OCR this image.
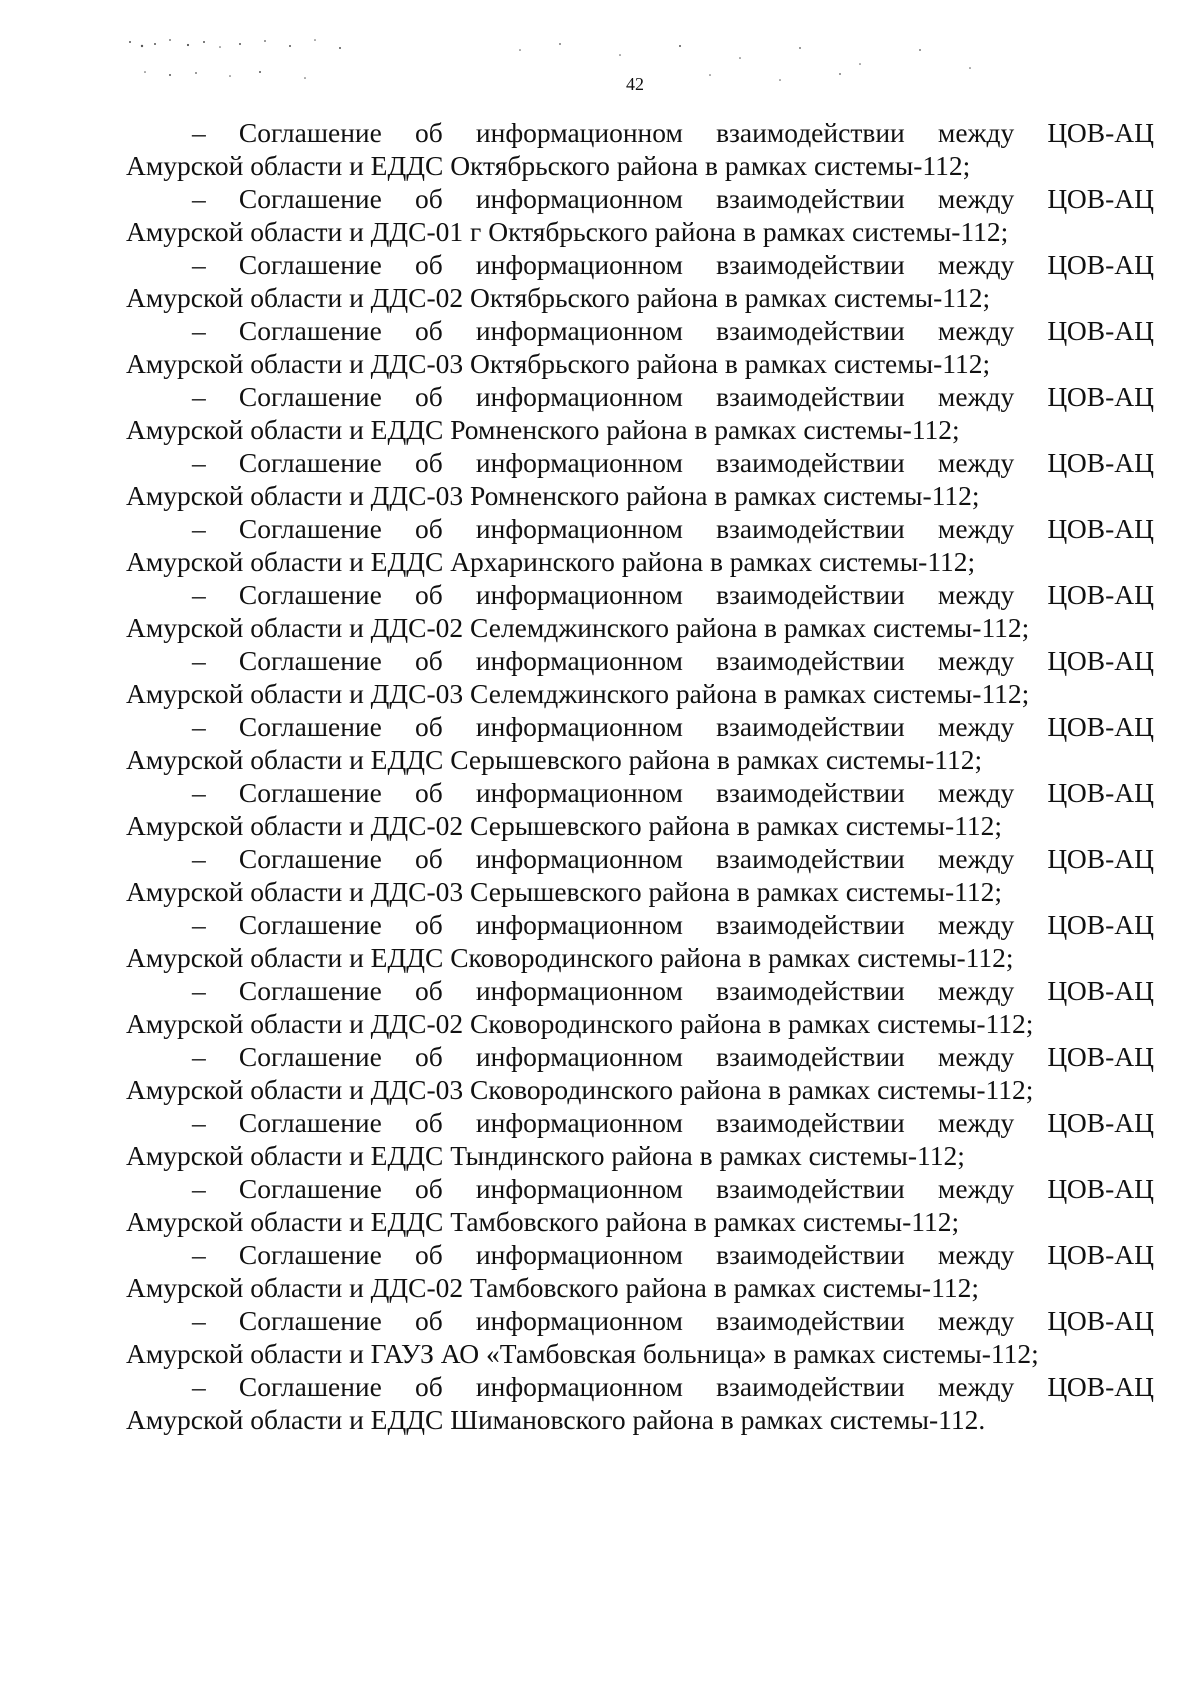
42
– Соглашение об информационном взаимодействии между ЦОВ-АЦ
Амурской области и ЕДДС Октябрьского района в рамках системы-112;
– Соглашение об информационном взаимодействии между ЦОВ-АЦ
Амурской области и ДДС-01 г Октябрьского района в рамках системы-112;
– Соглашение об информационном взаимодействии между ЦОВ-АЦ
Амурской области и ДДС-02 Октябрьского района в рамках системы-112;
– Соглашение об информационном взаимодействии между ЦОВ-АЦ
Амурской области и ДДС-03 Октябрьского района в рамках системы-112;
– Соглашение об информационном взаимодействии между ЦОВ-АЦ
Амурской области и ЕДДС Ромненского района в рамках системы-112;
– Соглашение об информационном взаимодействии между ЦОВ-АЦ
Амурской области и ДДС-03 Ромненского района в рамках системы-112;
– Соглашение об информационном взаимодействии между ЦОВ-АЦ
Амурской области и ЕДДС Архаринского района в рамках системы-112;
– Соглашение об информационном взаимодействии между ЦОВ-АЦ
Амурской области и ДДС-02 Селемджинского района в рамках системы-112;
– Соглашение об информационном взаимодействии между ЦОВ-АЦ
Амурской области и ДДС-03 Селемджинского района в рамках системы-112;
– Соглашение об информационном взаимодействии между ЦОВ-АЦ
Амурской области и ЕДДС Серышевского района в рамках системы-112;
– Соглашение об информационном взаимодействии между ЦОВ-АЦ
Амурской области и ДДС-02 Серышевского района в рамках системы-112;
– Соглашение об информационном взаимодействии между ЦОВ-АЦ
Амурской области и ДДС-03 Серышевского района в рамках системы-112;
– Соглашение об информационном взаимодействии между ЦОВ-АЦ
Амурской области и ЕДДС Сковородинского района в рамках системы-112;
– Соглашение об информационном взаимодействии между ЦОВ-АЦ
Амурской области и ДДС-02 Сковородинского района в рамках системы-112;
– Соглашение об информационном взаимодействии между ЦОВ-АЦ
Амурской области и ДДС-03 Сковородинского района в рамках системы-112;
– Соглашение об информационном взаимодействии между ЦОВ-АЦ
Амурской области и ЕДДС Тындинского района в рамках системы-112;
– Соглашение об информационном взаимодействии между ЦОВ-АЦ
Амурской области и ЕДДС Тамбовского района в рамках системы-112;
– Соглашение об информационном взаимодействии между ЦОВ-АЦ
Амурской области и ДДС-02 Тамбовского района в рамках системы-112;
– Соглашение об информационном взаимодействии между ЦОВ-АЦ
Амурской области и ГАУЗ АО «Тамбовская больница» в рамках системы-112;
– Соглашение об информационном взаимодействии между ЦОВ-АЦ
Амурской области и ЕДДС Шимановского района в рамках системы-112.
